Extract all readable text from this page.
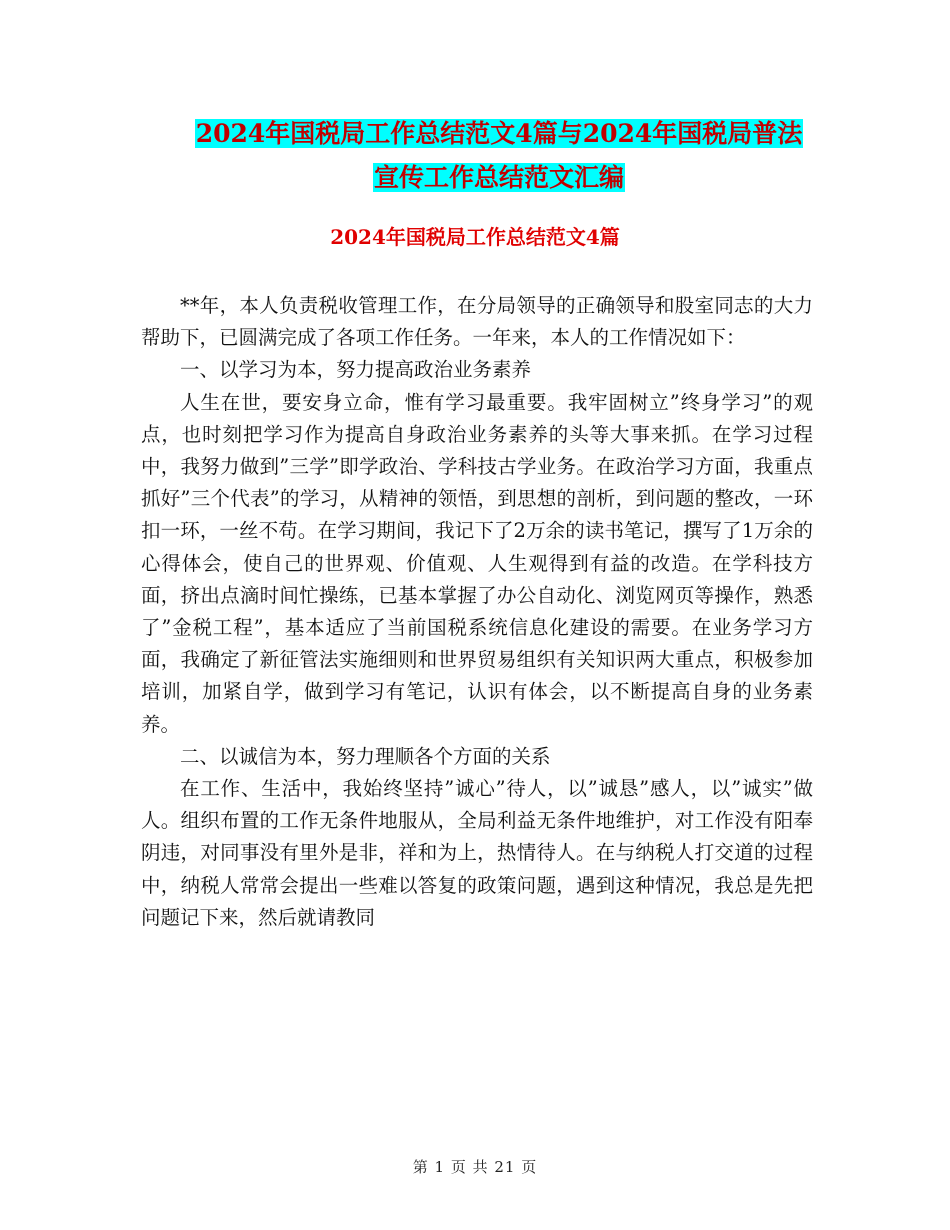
2024年国税局工作总结范文4篇与2024年国税局普法
宣传工作总结范文汇编
2024年国税局工作总结范文4篇

**年，本人负责税收管理工作，在分局领导的正确领导和股室同志的大力帮助下，已圆满完成了各项工作任务。一年来，本人的工作情况如下：

一、以学习为本，努力提高政治业务素养

人生在世，要安身立命，惟有学习最重要。我牢固树立”终身学习”的观点，也时刻把学习作为提高自身政治业务素养的头等大事来抓。在学习过程中，我努力做到”三学”即学政治、学科技古学业务。在政治学习方面，我重点抓好”三个代表”的学习，从精神的领悟，到思想的剖析，到问题的整改，一环扣一环，一丝不苟。在学习期间，我记下了2万余的读书笔记，撰写了1万余的心得体会，使自己的世界观、价值观、人生观得到有益的改造。在学科技方面，挤出点滴时间忙操练，已基本掌握了办公自动化、浏览网页等操作，熟悉了”金税工程”，基本适应了当前国税系统信息化建设的需要。在业务学习方面，我确定了新征管法实施细则和世界贸易组织有关知识两大重点，积极参加培训，加紧自学，做到学习有笔记，认识有体会，以不断提高自身的业务素养。

二、以诚信为本，努力理顺各个方面的关系

在工作、生活中，我始终坚持”诚心”待人，以”诚恳”感人，以”诚实”做人。组织布置的工作无条件地服从，全局利益无条件地维护，对工作没有阳奉阴违，对同事没有里外是非，祥和为上，热情待人。在与纳税人打交道的过程中，纳税人常常会提出一些难以答复的政策问题，遇到这种情况，我总是先把问题记下来，然后就请教同

第 1 页 共 21 页
